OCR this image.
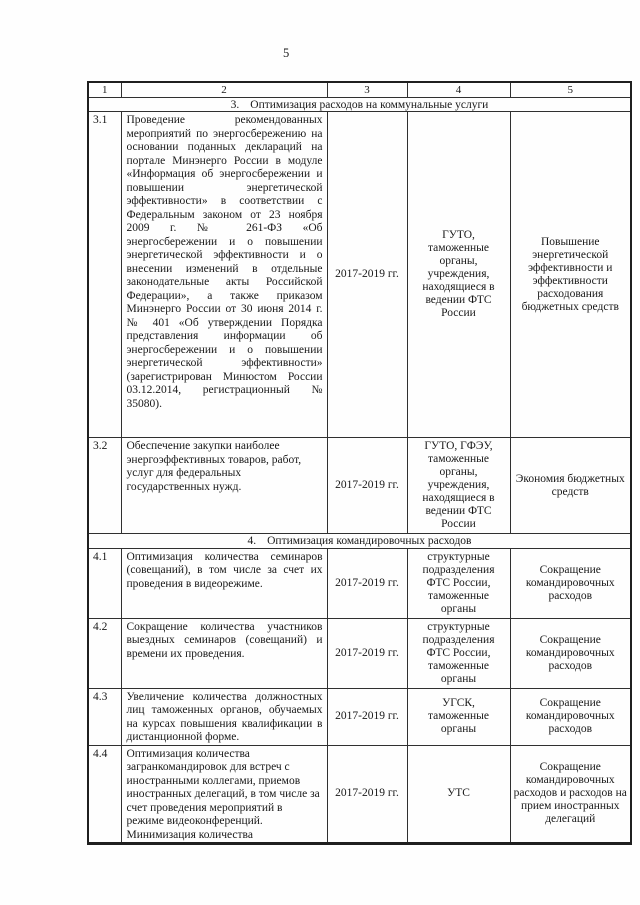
5
1	2	3	4	5
3. Оптимизация расходов на коммунальные услуги				
3.1	Проведение рекомендованных мероприятий по энергосбережению на основании поданных деклараций на портале Минэнерго России в модуле «Информация об энергосбережении и повышении энергетической эффективности» в соответствии с Федеральным законом от 23 ноября 2009 г. № 261-ФЗ «Об энергосбережении и о повышении энергетической эффективности и о внесении изменений в отдельные законодательные акты Российской Федерации», а также приказом Минэнерго России от 30 июня 2014 г. № 401 «Об утверждении Порядка представления информации об энергосбережении и о повышении энергетической эффективности» (зарегистрирован Минюстом России 03.12.2014, регистрационный № 35080).	2017-2019 гг.	ГУТО, таможенные органы, учреждения, находящиеся в ведении ФТС России	Повышение энергетической эффективности и эффективности расходования бюджетных средств
3.2	Обеспечение закупки наиболее энергоэффективных товаров, работ, услуг для федеральных государственных нужд.	2017-2019 гг.	ГУТО, ГФЭУ, таможенные органы, учреждения, находящиеся в ведении ФТС России	Экономия бюджетных средств
4. Оптимизация командировочных расходов				
4.1	Оптимизация количества семинаров (совещаний), в том числе за счет их проведения в видеорежиме.	2017-2019 гг.	структурные подразделения ФТС России, таможенные органы	Сокращение командировочных расходов
4.2	Сокращение количества участников выездных семинаров (совещаний) и времени их проведения.	2017-2019 гг.	структурные подразделения ФТС России, таможенные органы	Сокращение командировочных расходов
4.3	Увеличение количества должностных лиц таможенных органов, обучаемых на курсах повышения квалификации в дистанционной форме.	2017-2019 гг.	УГСК, таможенные органы	Сокращение командировочных расходов
4.4	Оптимизация количества загранкомандировок для встреч с иностранными коллегами, приемов иностранных делегаций, в том числе за счет проведения мероприятий в режиме видеоконференций. Минимизация количества	2017-2019 гг.	УТС	Сокращение командировочных расходов и расходов на прием иностранных делегаций
